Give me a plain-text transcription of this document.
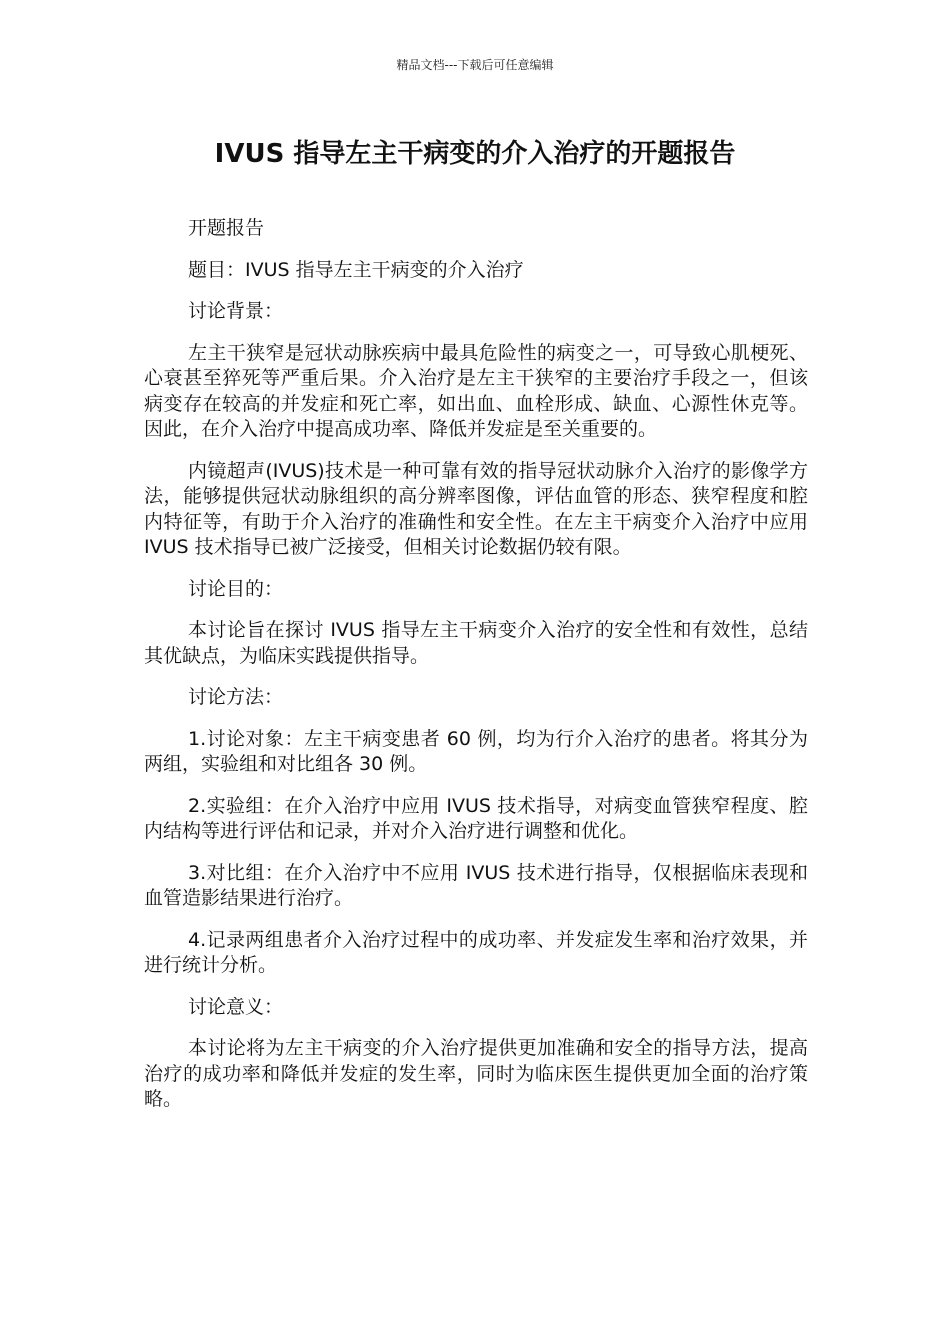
精品文档---下载后可任意编辑
IVUS 指导左主干病变的介入治疗的开题报告

开题报告

题目：IVUS 指导左主干病变的介入治疗

讨论背景：

左主干狭窄是冠状动脉疾病中最具危险性的病变之一，可导致心肌梗死、心衰甚至猝死等严重后果。介入治疗是左主干狭窄的主要治疗手段之一，但该病变存在较高的并发症和死亡率，如出血、血栓形成、缺血、心源性休克等。因此，在介入治疗中提高成功率、降低并发症是至关重要的。

内镜超声(IVUS)技术是一种可靠有效的指导冠状动脉介入治疗的影像学方法，能够提供冠状动脉组织的高分辨率图像，评估血管的形态、狭窄程度和腔内特征等，有助于介入治疗的准确性和安全性。在左主干病变介入治疗中应用 IVUS 技术指导已被广泛接受，但相关讨论数据仍较有限。

讨论目的：

本讨论旨在探讨 IVUS 指导左主干病变介入治疗的安全性和有效性，总结其优缺点，为临床实践提供指导。

讨论方法：

1.讨论对象：左主干病变患者 60 例，均为行介入治疗的患者。将其分为两组，实验组和对比组各 30 例。

2.实验组：在介入治疗中应用 IVUS 技术指导，对病变血管狭窄程度、腔内结构等进行评估和记录，并对介入治疗进行调整和优化。

3.对比组：在介入治疗中不应用 IVUS 技术进行指导，仅根据临床表现和血管造影结果进行治疗。

4.记录两组患者介入治疗过程中的成功率、并发症发生率和治疗效果，并进行统计分析。

讨论意义：

本讨论将为左主干病变的介入治疗提供更加准确和安全的指导方法，提高治疗的成功率和降低并发症的发生率，同时为临床医生提供更加全面的治疗策略。
